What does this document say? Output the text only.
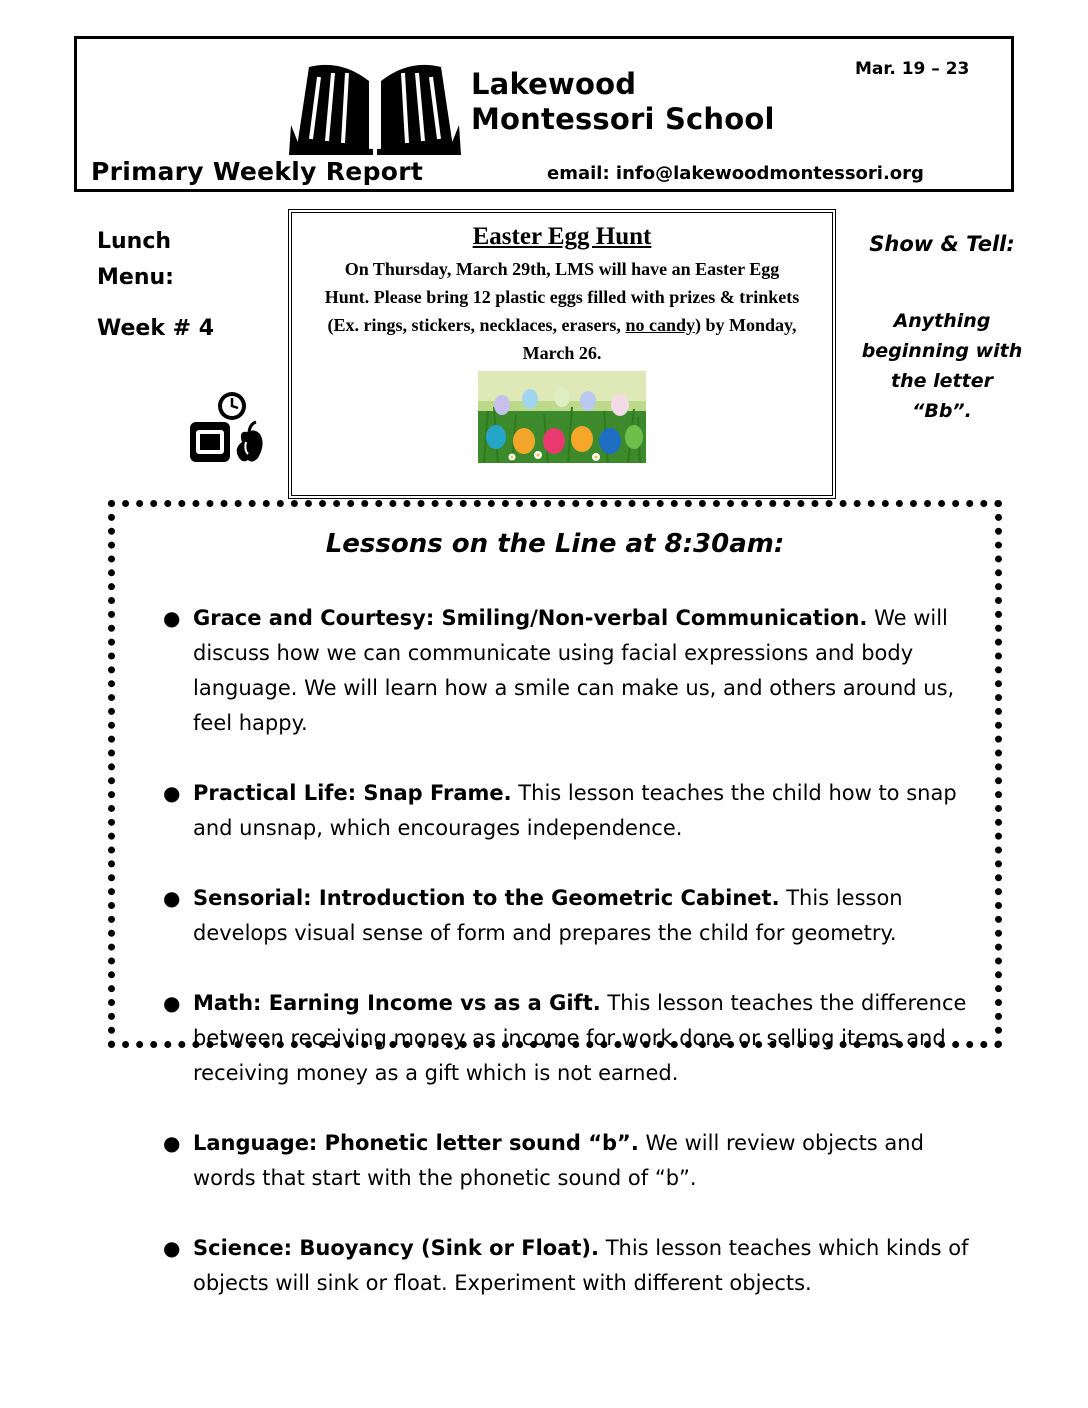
Lakewood
Montessori School
Mar. 19 – 23
Primary Weekly Report	email: info@lakewoodmontessori.org
Lunch
Menu:
Week # 4
Easter Egg Hunt
On Thursday, March 29th, LMS will have an Easter Egg Hunt. Please bring 12 plastic eggs filled with prizes & trinkets (Ex. rings, stickers, necklaces, erasers, no candy) by Monday, March 26.
Show & Tell:
Anything
beginning with
the letter
“Bb”.
Lessons on the Line at 8:30am:
● Grace and Courtesy: Smiling/Non-verbal Communication. We will discuss how we can communicate using facial expressions and body language. We will learn how a smile can make us, and others around us, feel happy.
● Practical Life: Snap Frame. This lesson teaches the child how to snap and unsnap, which encourages independence.
● Sensorial: Introduction to the Geometric Cabinet. This lesson develops visual sense of form and prepares the child for geometry.
● Math: Earning Income vs as a Gift. This lesson teaches the difference between receiving money as income for work done or selling items and receiving money as a gift which is not earned.
● Language: Phonetic letter sound “b”. We will review objects and words that start with the phonetic sound of “b”.
● Science: Buoyancy (Sink or Float). This lesson teaches which kinds of objects will sink or float. Experiment with different objects.
